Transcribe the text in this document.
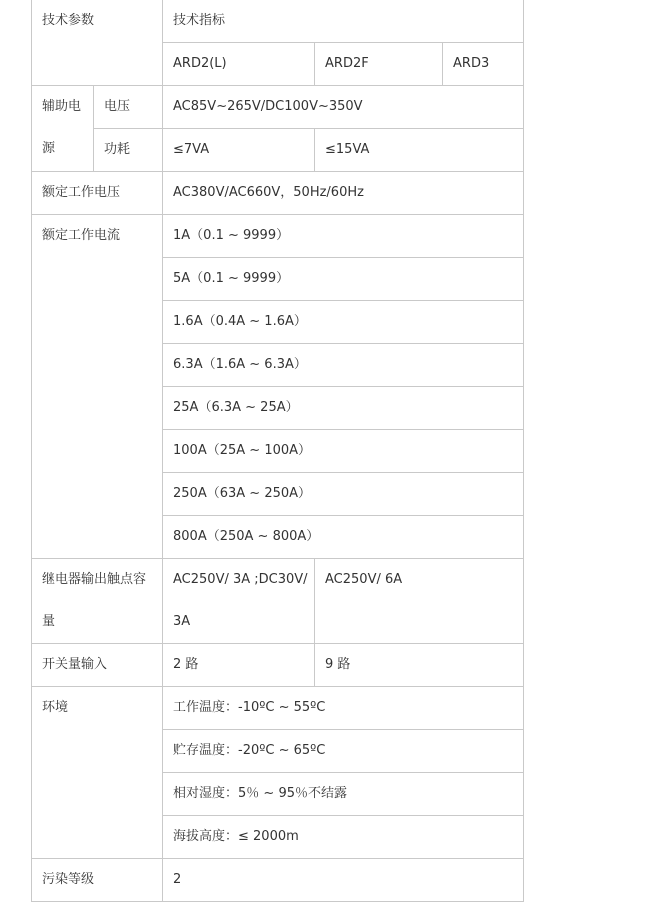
技术参数		技术指标		
		ARD2(L)	ARD2F	ARD3
辅助电源	电压	AC85V~265V/DC100V~350V		
	功耗	≤7VA	≤15VA	
额定工作电压		AC380V/AC660V，50Hz/60Hz		
额定工作电流		1A（0.1 ~ 9999）		
		5A（0.1 ~ 9999）		
		1.6A（0.4A ~ 1.6A）		
		6.3A（1.6A ~ 6.3A）		
		25A（6.3A ~ 25A）		
		100A（25A ~ 100A）		
		250A（63A ~ 250A）		
		800A（250A ~ 800A）		
继电器输出触点容量		AC250V/ 3A ;DC30V/ 3A	AC250V/ 6A	
开关量输入		2 路	9 路	
环境		工作温度：-10ºC ~ 55ºC		
		贮存温度：-20ºC ~ 65ºC		
		相对湿度：5％ ~ 95％不结露		
		海拔高度：≤ 2000m		
污染等级		2		
